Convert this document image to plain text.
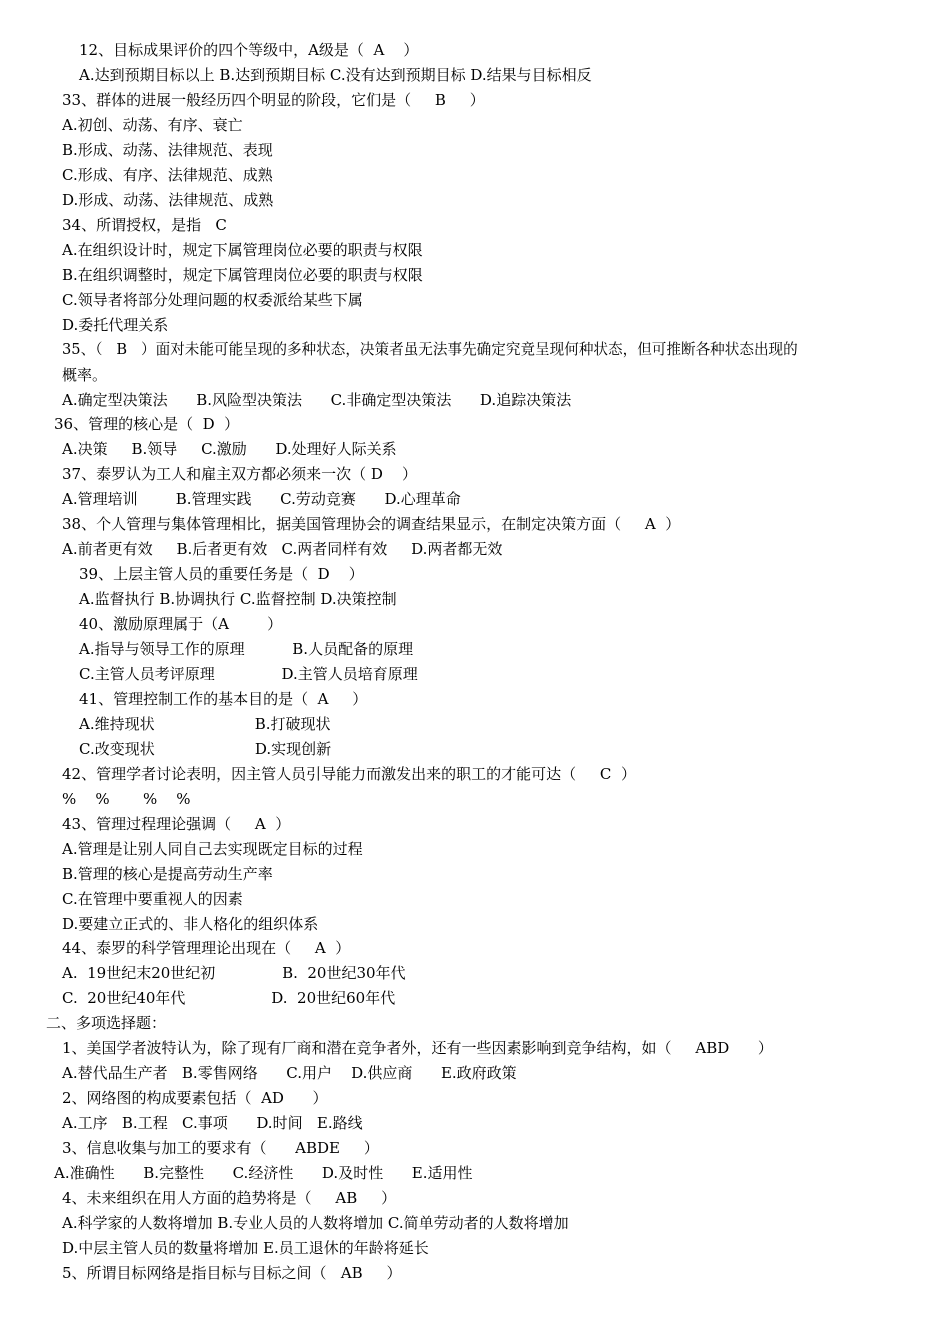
12、目标成果评价的四个等级中，A级是（  A    ）
A.达到预期目标以上 B.达到预期目标 C.没有达到预期目标 D.结果与目标相反
33、群体的进展一般经历四个明显的阶段，它们是（     B     ）
A.初创、动荡、有序、衰亡
B.形成、动荡、法律规范、表现
C.形成、有序、法律规范、成熟
D.形成、动荡、法律规范、成熟
34、所谓授权，是指   C
A.在组织设计时，规定下属管理岗位必要的职责与权限
B.在组织调整时，规定下属管理岗位必要的职责与权限
C.领导者将部分处理问题的权委派给某些下属
D.委托代理关系
35、（   B   ）面对未能可能呈现的多种状态，决策者虽无法事先确定究竟呈现何种状态，但可推断各种状态出现的
概率。
A.确定型决策法      B.风险型决策法      C.非确定型决策法      D.追踪决策法
36、管理的核心是（  D  ）
A.决策     B.领导     C.激励      D.处理好人际关系
37、泰罗认为工人和雇主双方都必须来一次（ D    ）
A.管理培训        B.管理实践      C.劳动竞赛      D.心理革命
38、个人管理与集体管理相比，据美国管理协会的调查结果显示，在制定决策方面（     A  ）
A.前者更有效     B.后者更有效   C.两者同样有效     D.两者都无效
39、上层主管人员的重要任务是（  D    ）
A.监督执行 B.协调执行 C.监督控制 D.决策控制
40、激励原理属于（A        ）
A.指导与领导工作的原理          B.人员配备的原理
C.主管人员考评原理              D.主管人员培育原理
41、管理控制工作的基本目的是（  A     ）
A.维持现状                     B.打破现状
C.改变现状                     D.实现创新
42、管理学者讨论表明，因主管人员引导能力而激发出来的职工的才能可达（     C  ）
%    %       %    %
43、管理过程理论强调（     A  ）
A.管理是让别人同自己去实现既定目标的过程
B.管理的核心是提高劳动生产率
C.在管理中要重视人的因素
D.要建立正式的、非人格化的组织体系
44、泰罗的科学管理理论出现在（     A  ）
A.  19世纪末20世纪初              B.  20世纪30年代
C.  20世纪40年代                  D.  20世纪60年代
二、多项选择题：
1、美国学者波特认为，除了现有厂商和潜在竞争者外，还有一些因素影响到竞争结构，如（     ABD      ）
A.替代品生产者   B.零售网络      C.用户    D.供应商      E.政府政策
2、网络图的构成要素包括（  AD      ）
A.工序   B.工程   C.事项      D.时间   E.路线
3、信息收集与加工的要求有（      ABDE     ）
A.准确性      B.完整性      C.经济性      D.及时性      E.适用性
4、未来组织在用人方面的趋势将是（     AB     ）
A.科学家的人数将增加 B.专业人员的人数将增加 C.简单劳动者的人数将增加
D.中层主管人员的数量将增加 E.员工退休的年龄将延长
5、所谓目标网络是指目标与目标之间（   AB     ）
